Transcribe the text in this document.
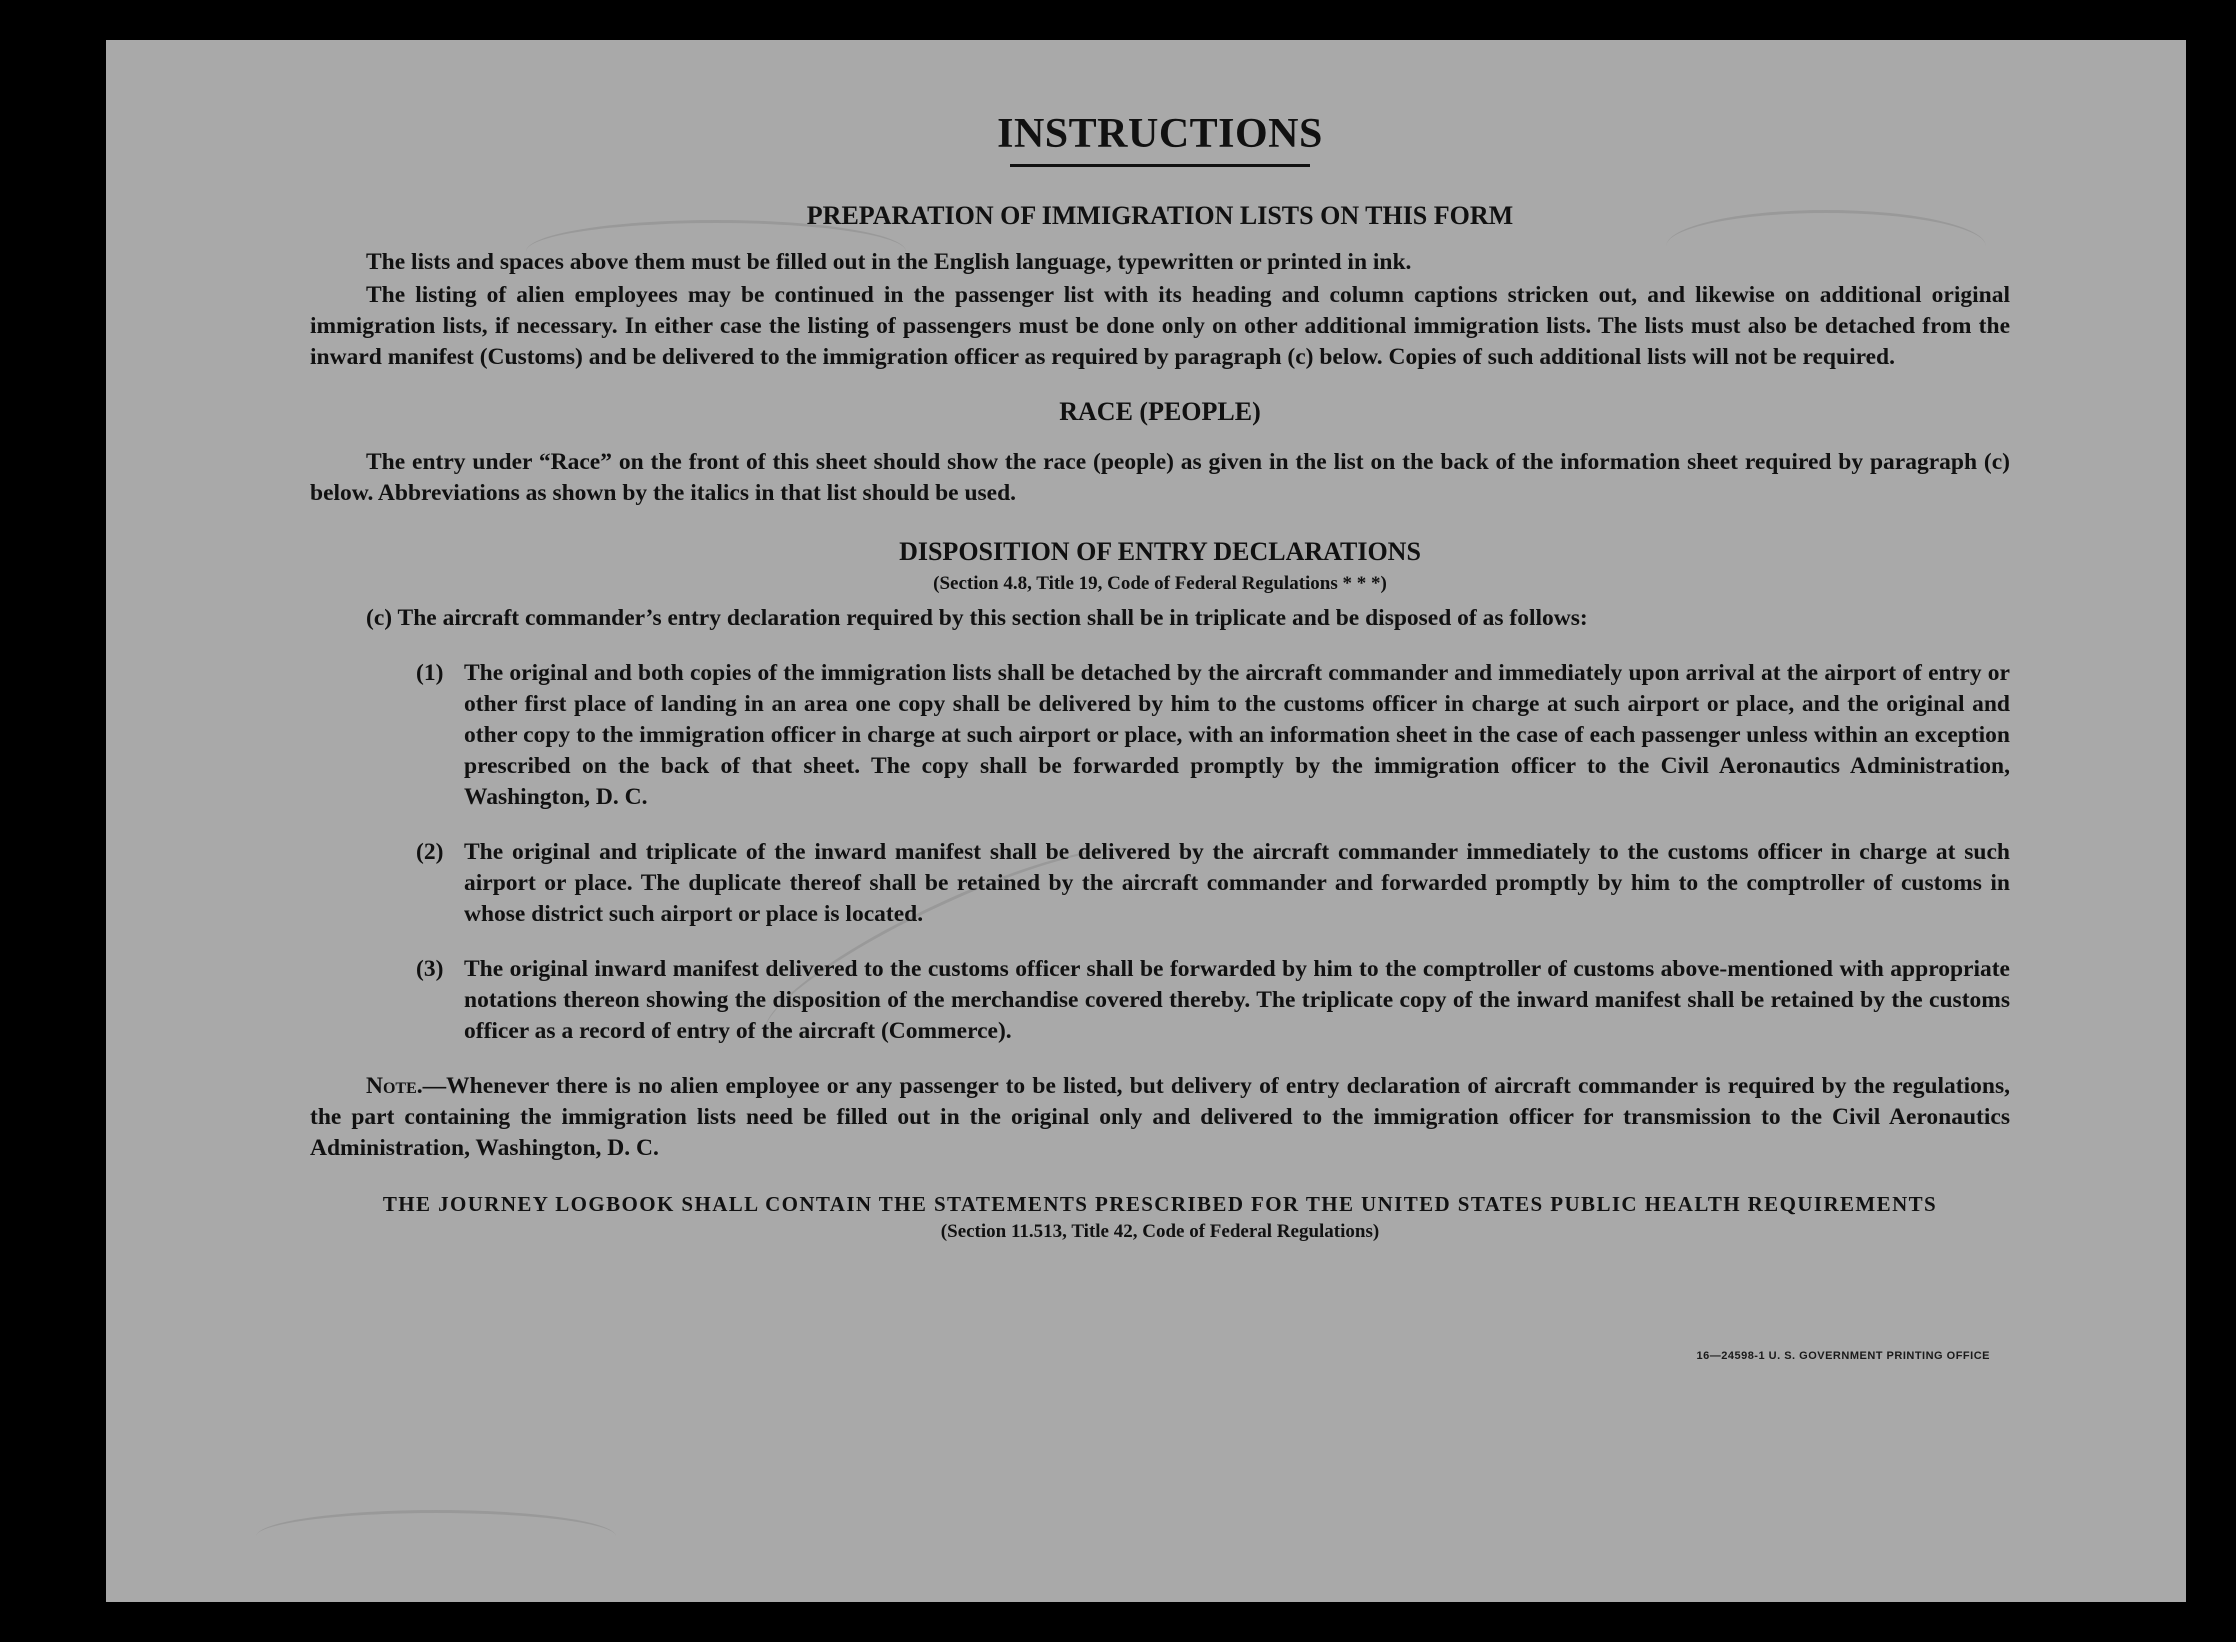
INSTRUCTIONS
PREPARATION OF IMMIGRATION LISTS ON THIS FORM

The lists and spaces above them must be filled out in the English language, typewritten or printed in ink.

The listing of alien employees may be continued in the passenger list with its heading and column captions stricken out, and likewise on additional original immigration lists, if necessary. In either case the listing of passengers must be done only on other additional immigration lists. The lists must also be detached from the inward manifest (Customs) and be delivered to the immigration officer as required by paragraph (c) below. Copies of such additional lists will not be required.

RACE (PEOPLE)

The entry under “Race” on the front of this sheet should show the race (people) as given in the list on the back of the information sheet required by paragraph (c) below. Abbreviations as shown by the italics in that list should be used.

DISPOSITION OF ENTRY DECLARATIONS

(Section 4.8, Title 19, Code of Federal Regulations * * *)

(c) The aircraft commander’s entry declaration required by this section shall be in triplicate and be disposed of as follows:

(1) The original and both copies of the immigration lists shall be detached by the aircraft commander and immediately upon arrival at the airport of entry or other first place of landing in an area one copy shall be delivered by him to the customs officer in charge at such airport or place, and the original and other copy to the immigration officer in charge at such airport or place, with an information sheet in the case of each passenger unless within an exception prescribed on the back of that sheet. The copy shall be forwarded promptly by the immigration officer to the Civil Aeronautics Administration, Washington, D. C.
(2) The original and triplicate of the inward manifest shall be delivered by the aircraft commander immediately to the customs officer in charge at such airport or place. The duplicate thereof shall be retained by the aircraft commander and forwarded promptly by him to the comptroller of customs in whose district such airport or place is located.
(3) The original inward manifest delivered to the customs officer shall be forwarded by him to the comptroller of customs above-mentioned with appropriate notations thereon showing the disposition of the merchandise covered thereby. The triplicate copy of the inward manifest shall be retained by the customs officer as a record of entry of the aircraft (Commerce).

Note.—Whenever there is no alien employee or any passenger to be listed, but delivery of entry declaration of aircraft commander is required by the regulations, the part containing the immigration lists need be filled out in the original only and delivered to the immigration officer for transmission to the Civil Aeronautics Administration, Washington, D. C.

THE JOURNEY LOGBOOK SHALL CONTAIN THE STATEMENTS PRESCRIBED FOR THE UNITED STATES PUBLIC HEALTH REQUIREMENTS

(Section 11.513, Title 42, Code of Federal Regulations)

16—24598-1 U. S. GOVERNMENT PRINTING OFFICE
